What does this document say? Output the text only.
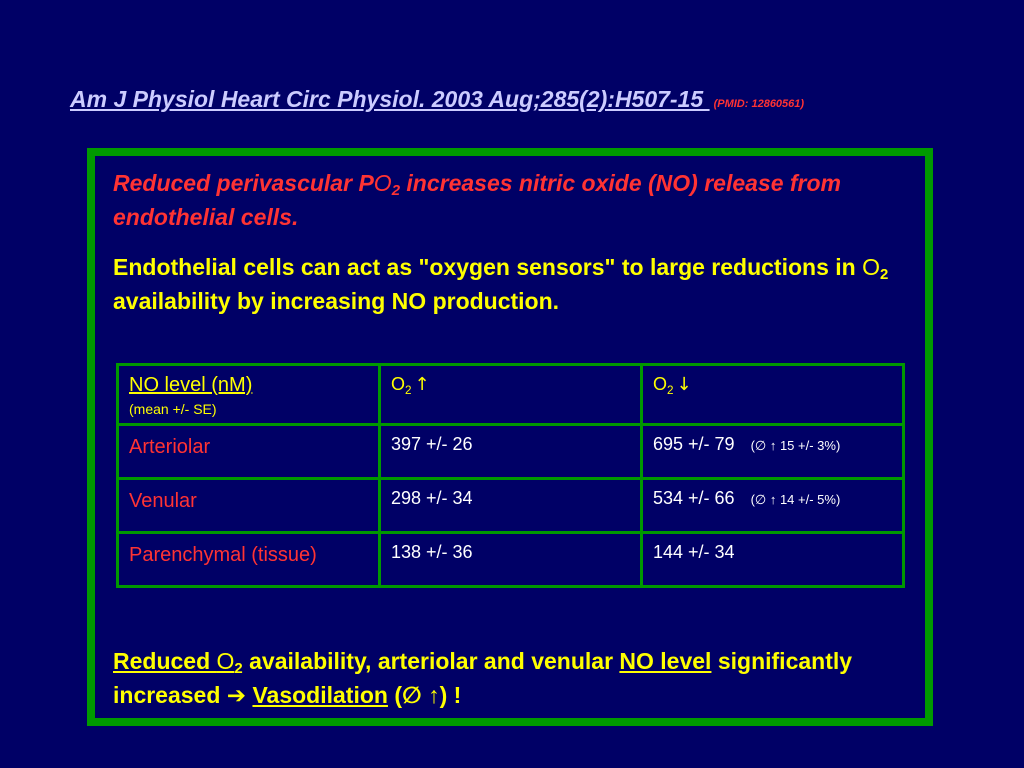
Am J Physiol Heart Circ Physiol. 2003 Aug;285(2):H507-15 (PMID: 12860561)
Reduced perivascular $PO_2$ increases nitric oxide (NO) release from endothelial cells.
Endothelial cells can act as "oxygen sensors" to large reductions in $O_2$ availability by increasing NO production.
NO level (nM)
(mean +/- SE)	$O_2$ ↑	$O_2$ ↓
Arteriolar	397 +/- 26	695 +/- 79 (∅ ↑ 15 +/- 3%)
Venular	298 +/- 34	534 +/- 66 (∅ ↑ 14 +/- 5%)
Parenchymal (tissue)	138 +/- 36	144 +/- 34
Reduced $O_2$ availability, arteriolar and venular NO level significantly increased ➔ Vasodilation (∅ ↑) !
